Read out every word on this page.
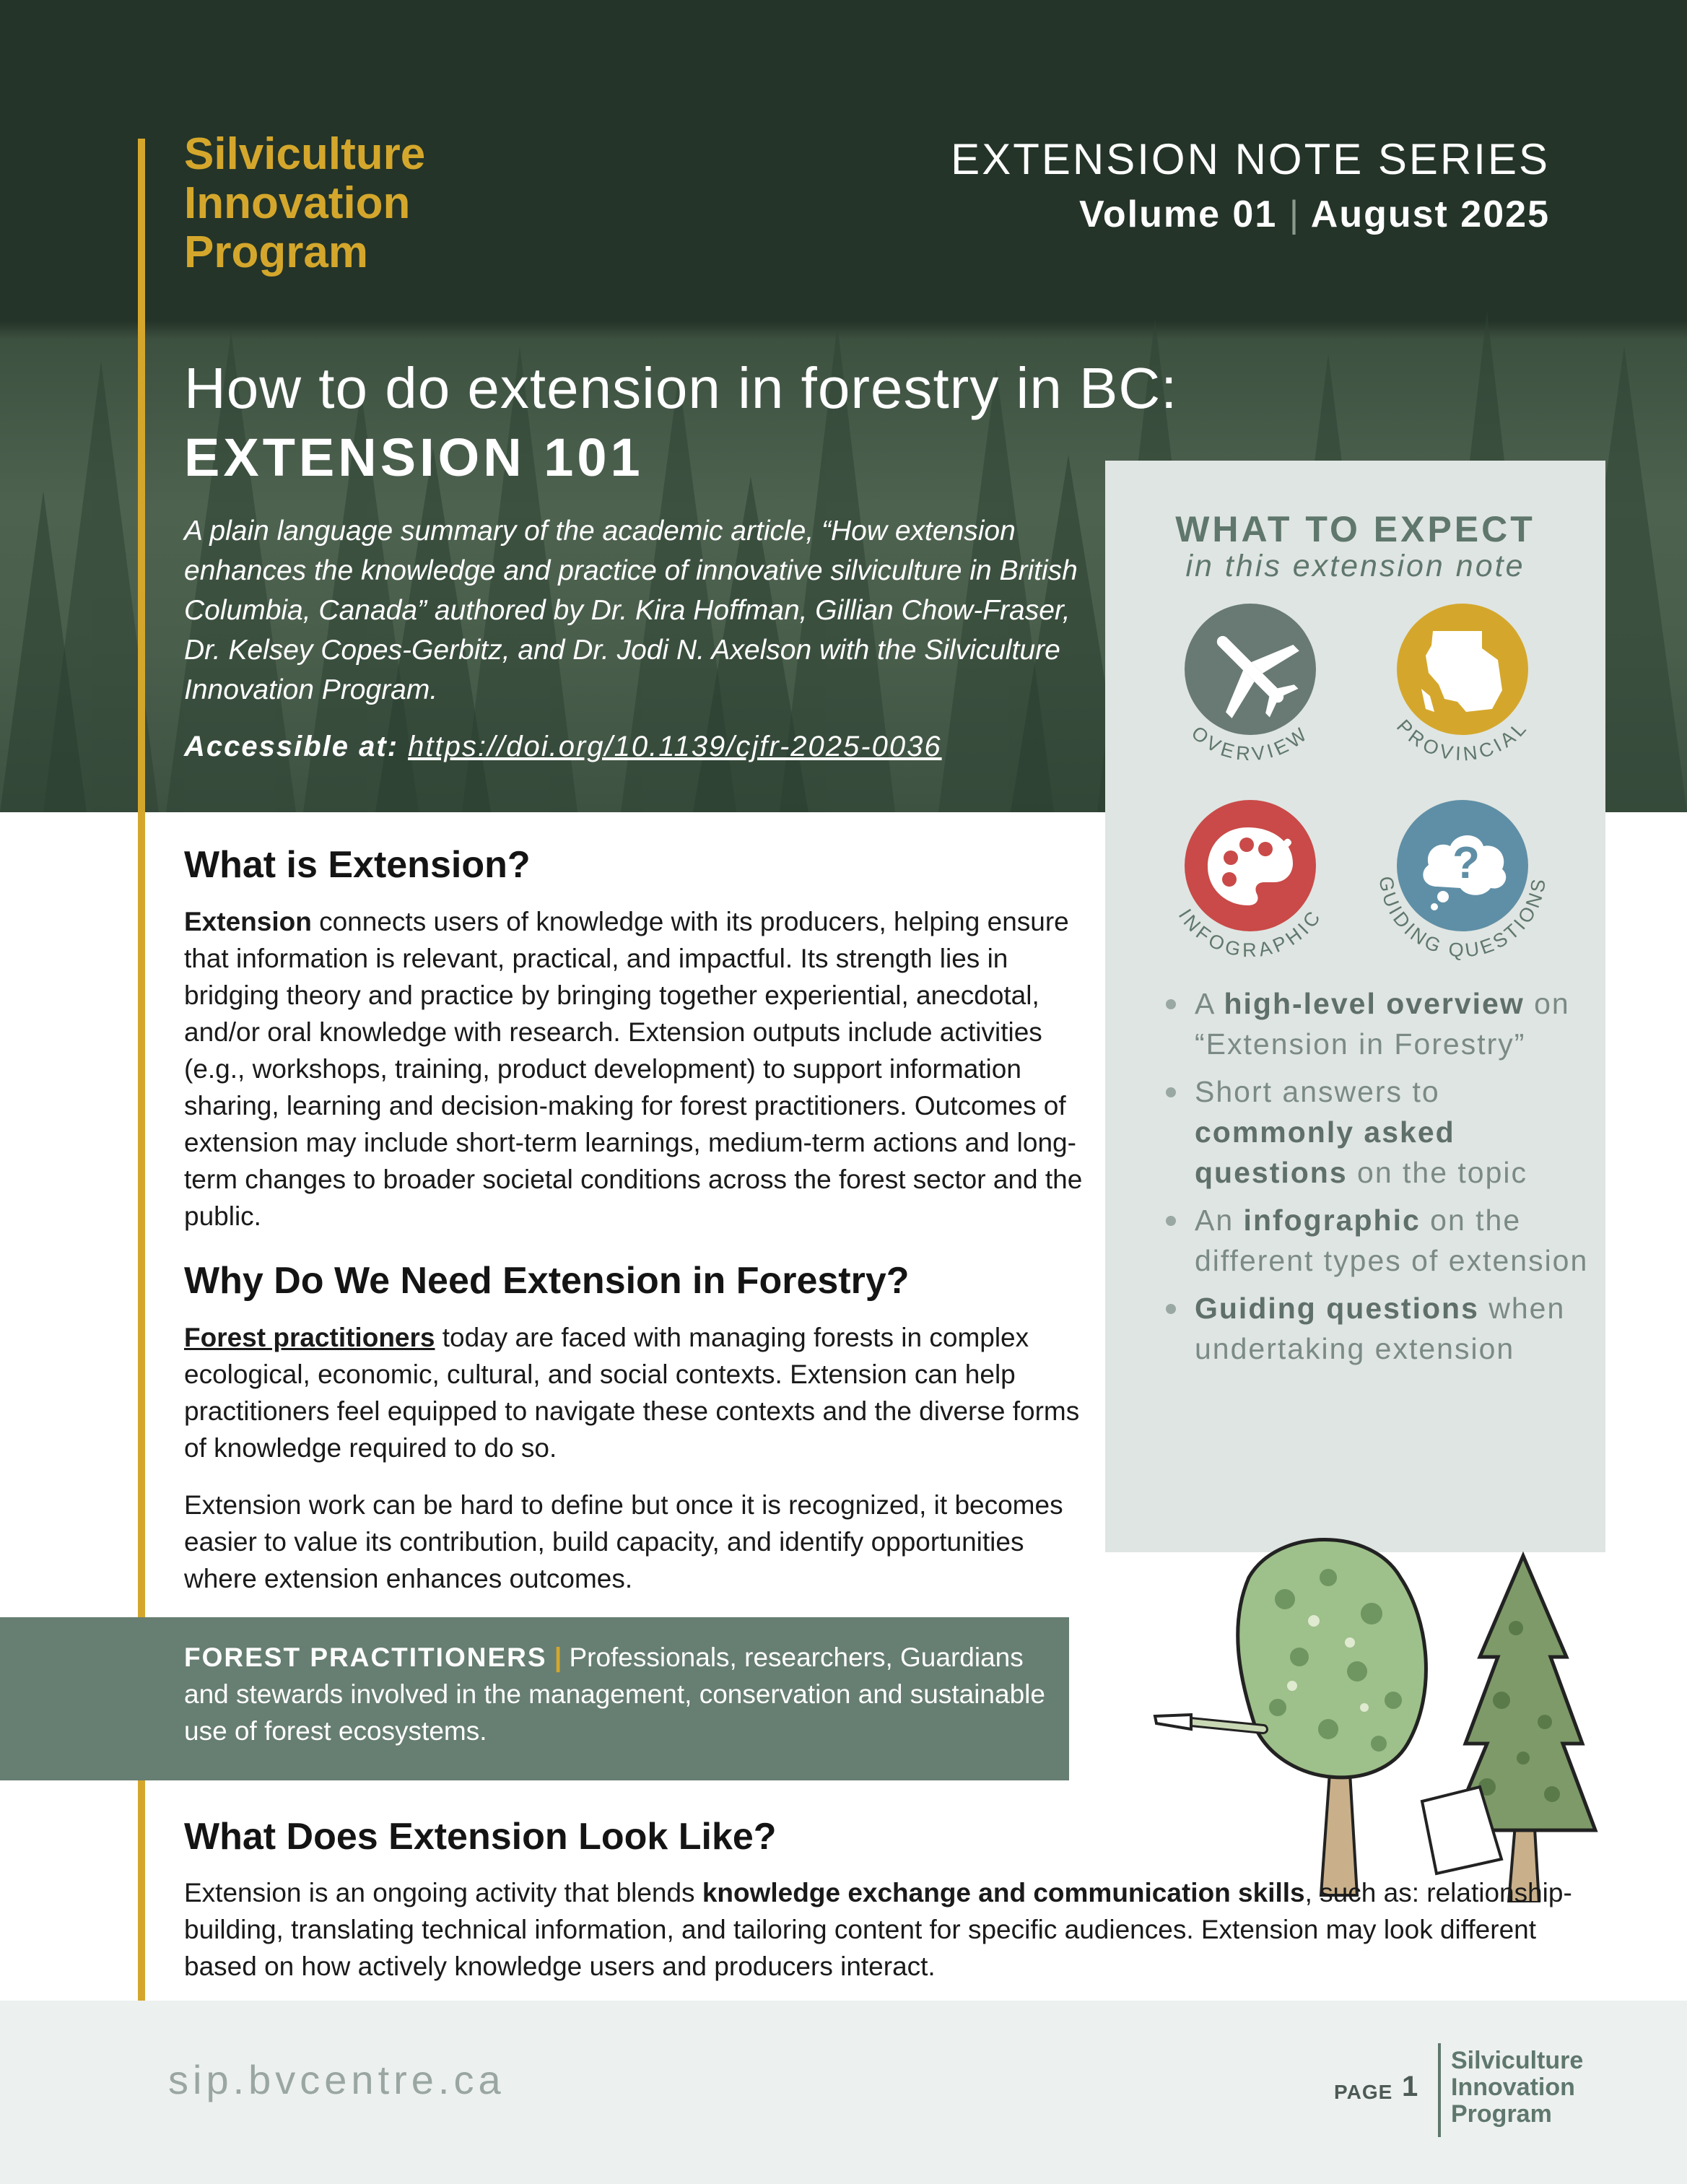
Silviculture
Innovation
Program
EXTENSION NOTE SERIES
Volume 01 | August 2025
How to do extension in forestry in BC:
EXTENSION 101
A plain language summary of the academic article, “How extension enhances the knowledge and practice of innovative silviculture in British Columbia, Canada” authored by Dr. Kira Hoffman, Gillian Chow-Fraser, Dr. Kelsey Copes-Gerbitz, and Dr. Jodi N. Axelson with the Silviculture Innovation Program.
Accessible at: https://doi.org/10.1139/cjfr-2025-0036
WHAT TO EXPECT
in this extension note
OVERVIEW	PROVINCIAL
INFOGRAPHIC
?
GUIDING QUESTIONS
A high-level overview on “Extension in Forestry”
Short answers to commonly asked questions on the topic
An infographic on the different types of extension
Guiding questions when undertaking extension
What is Extension?
Extension connects users of knowledge with its producers, helping ensure that information is relevant, practical, and impactful. Its strength lies in bridging theory and practice by bringing together experiential, anecdotal, and/or oral knowledge with research. Extension outputs include activities (e.g., workshops, training, product development) to support information sharing, learning and decision-making for forest practitioners. Outcomes of extension may include short-term learnings, medium-term actions and long-term changes to broader societal conditions across the forest sector and the public.
Why Do We Need Extension in Forestry?
Forest practitioners today are faced with managing forests in complex ecological, economic, cultural, and social contexts. Extension can help practitioners feel equipped to navigate these contexts and the diverse forms of knowledge required to do so.
Extension work can be hard to define but once it is recognized, it becomes easier to value its contribution, build capacity, and identify opportunities where extension enhances outcomes.
FOREST PRACTITIONERS | Professionals, researchers, Guardians and stewards involved in the management, conservation and sustainable use of forest ecosystems.
What Does Extension Look Like?
Extension is an ongoing activity that blends knowledge exchange and communication skills, such as: relationship-building, translating technical information, and tailoring content for specific audiences. Extension may look different based on how actively knowledge users and producers interact.
sip.bvcentre.ca	PAGE 1
Silviculture
Innovation
Program
